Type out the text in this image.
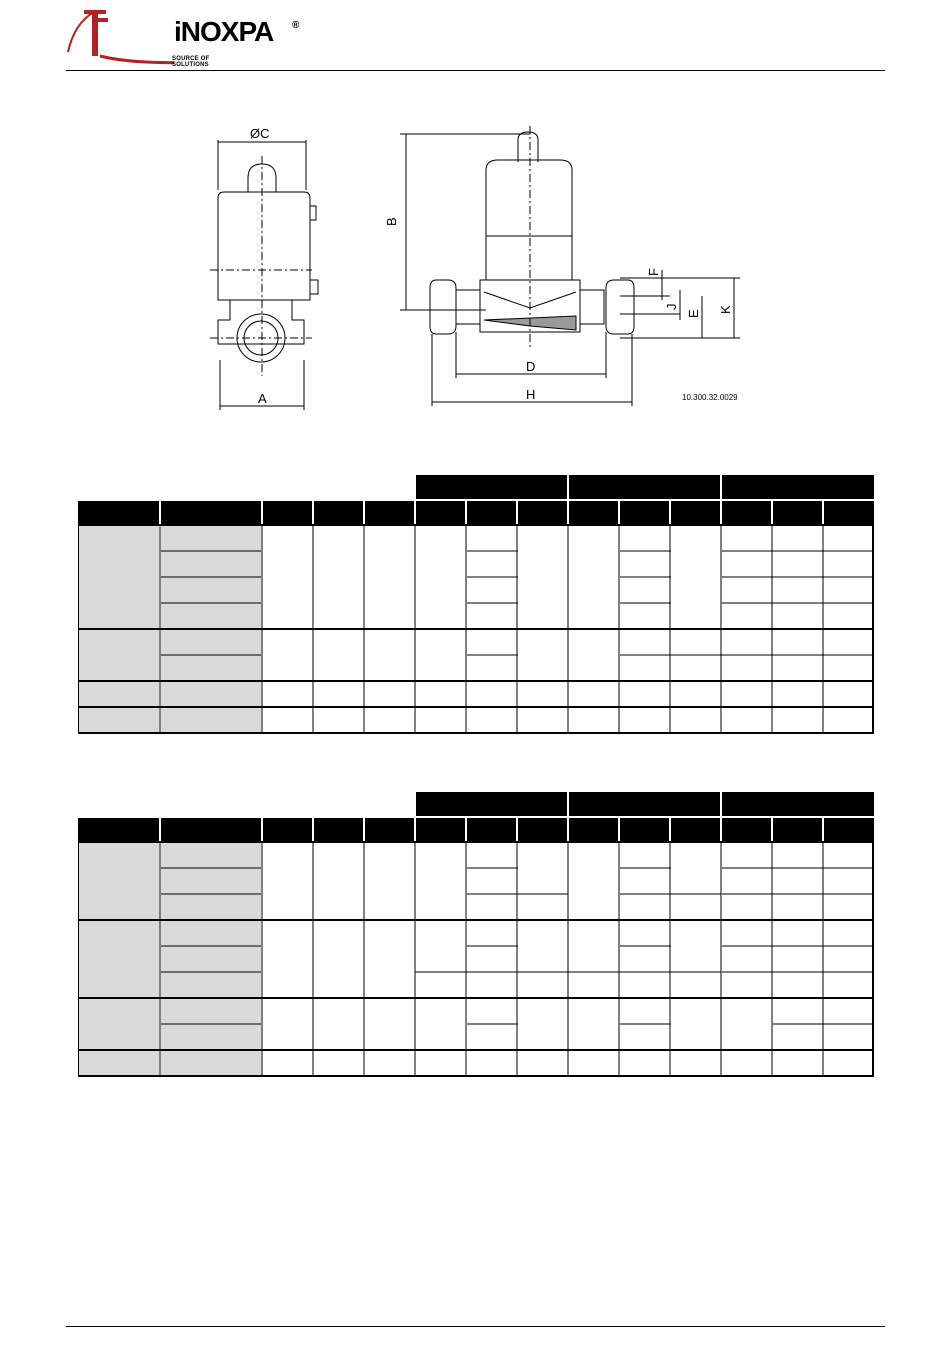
iNOXPA ®
SOURCE OF SOLUTIONS
ØC
A
B
D
H
F
J
E K
10.300.32.0029
